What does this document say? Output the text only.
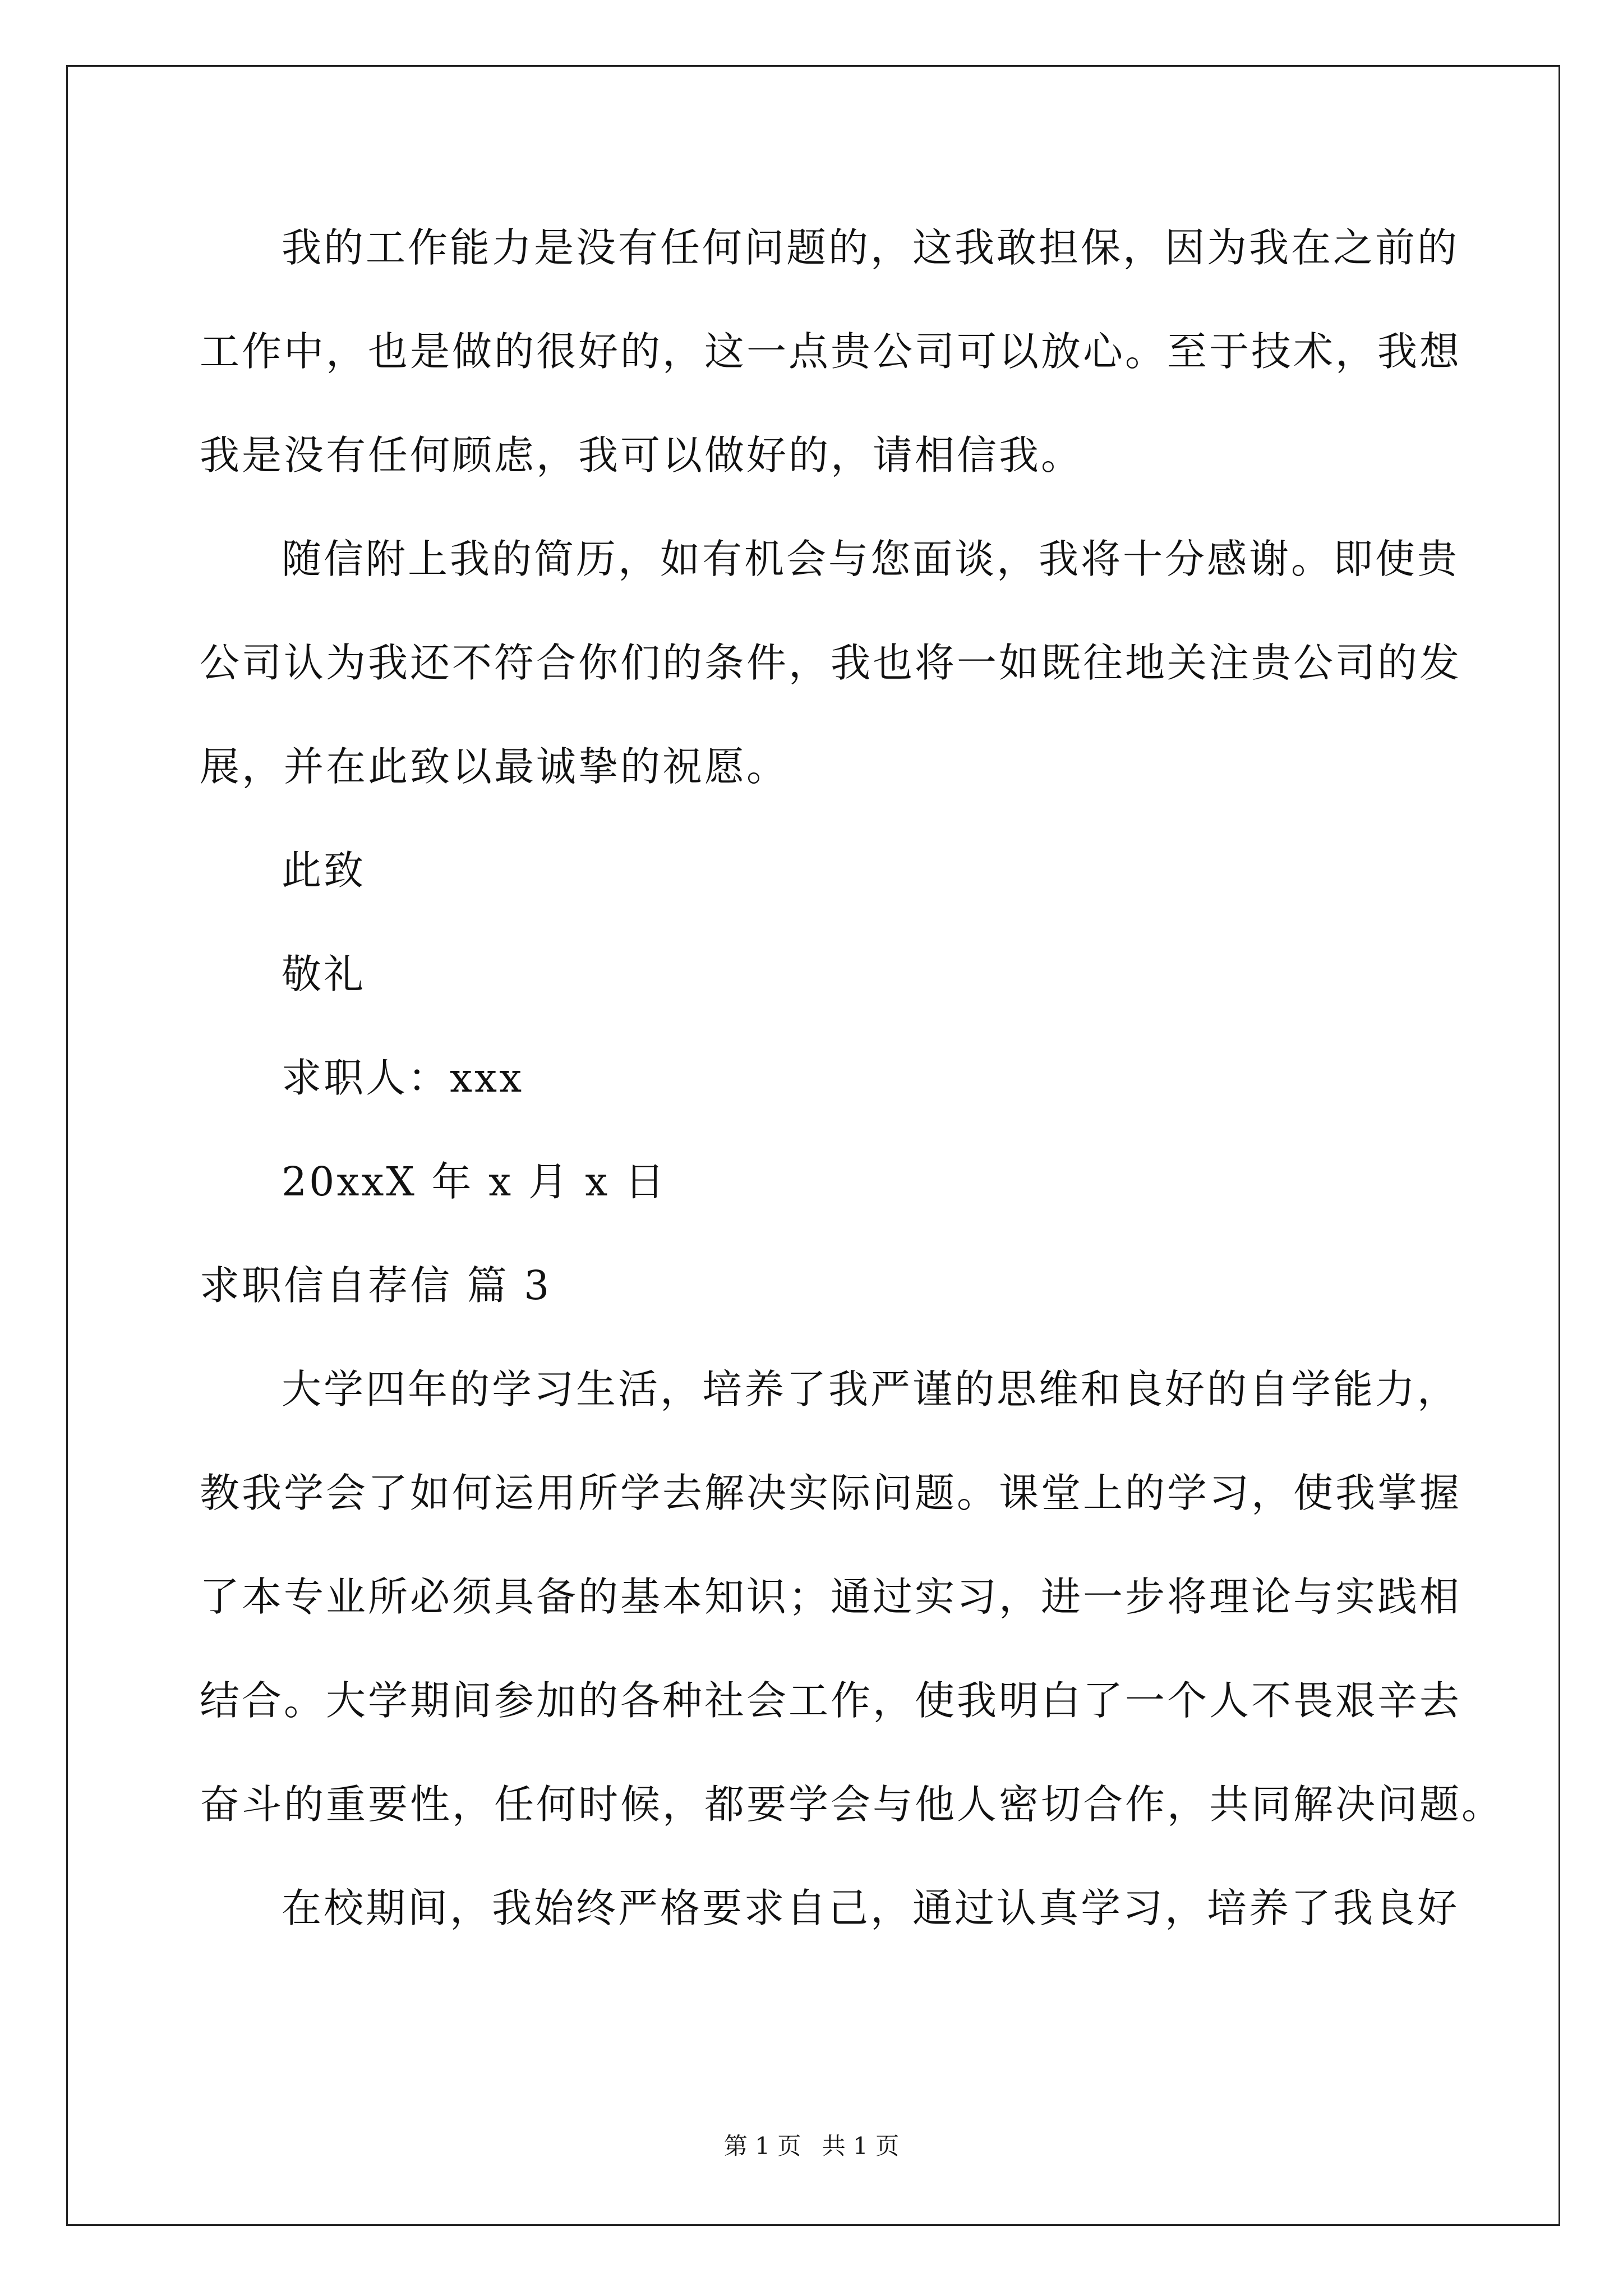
我的工作能力是没有任何问题的，这我敢担保，因为我在之前的
工作中，也是做的很好的，这一点贵公司可以放心。至于技术，我想
我是没有任何顾虑，我可以做好的，请相信我。
随信附上我的简历，如有机会与您面谈，我将十分感谢。即使贵
公司认为我还不符合你们的条件，我也将一如既往地关注贵公司的发
展，并在此致以最诚挚的祝愿。
此致
敬礼
求职人：xxx
20xxX 年 x 月 x 日
求职信自荐信 篇 3
大学四年的学习生活，培养了我严谨的思维和良好的自学能力，
教我学会了如何运用所学去解决实际问题。课堂上的学习，使我掌握
了本专业所必须具备的基本知识；通过实习，进一步将理论与实践相
结合。大学期间参加的各种社会工作，使我明白了一个人不畏艰辛去
奋斗的重要性，任何时候，都要学会与他人密切合作，共同解决问题。
在校期间，我始终严格要求自己，通过认真学习，培养了我良好
第 1 页 共 1 页
